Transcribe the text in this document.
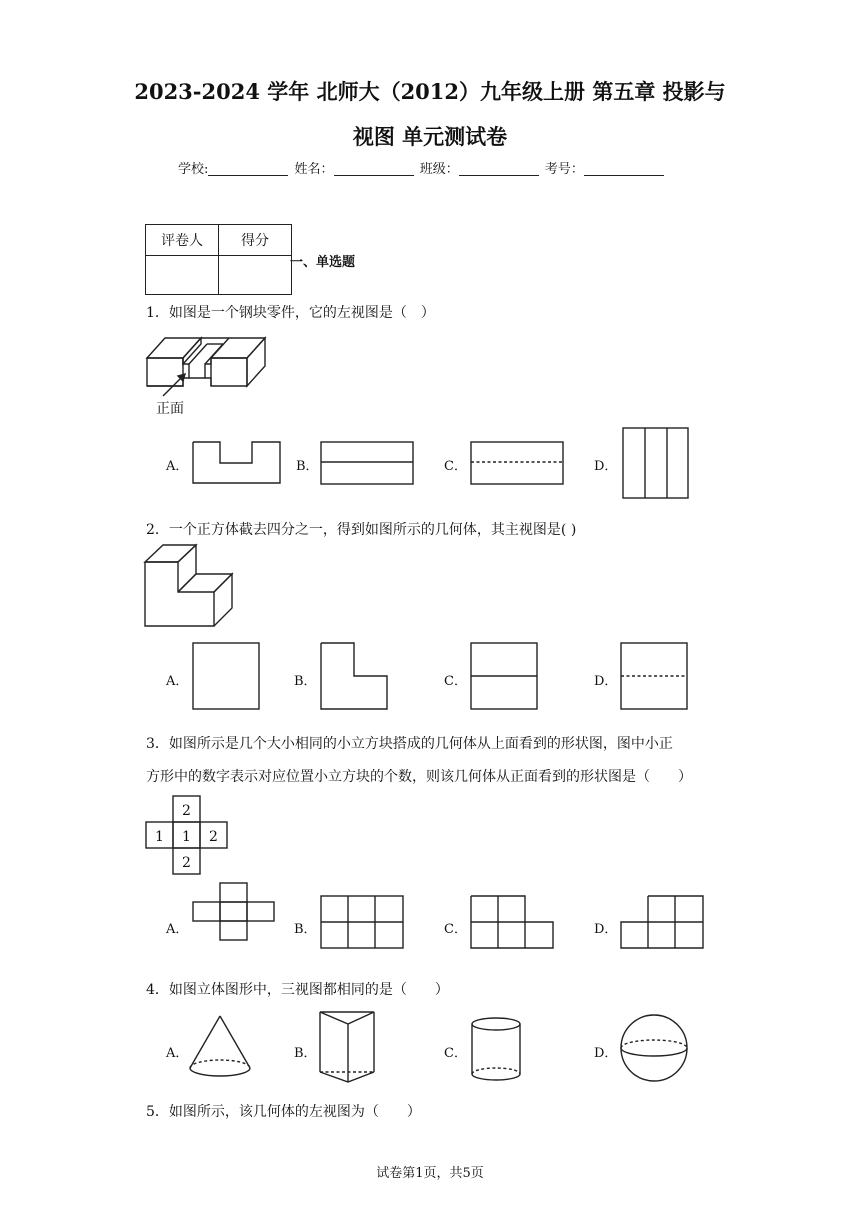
2023-2024 学年 北师大（2012）九年级上册 第五章 投影与
视图 单元测试卷
学校:	姓名：	班级：	考号：
评卷人	得分

一、单选题
1．如图是一个钢块零件，它的左视图是（　）
正面
A．	B．	C．	D．
2．一个正方体截去四分之一，得到如图所示的几何体，其主视图是( )
A．	B．	C．	D．
3．如图所示是几个大小相同的小立方块搭成的几何体从上面看到的形状图，图中小正
方形中的数字表示对应位置小立方块的个数，则该几何体从正面看到的形状图是（　　）
2
1 1 2
2
A．	B．	C．	D．
4．如图立体图形中，三视图都相同的是（　　）
A．	B．	C．	D．
5．如图所示，该几何体的左视图为（　　）
试卷第1页，共5页
